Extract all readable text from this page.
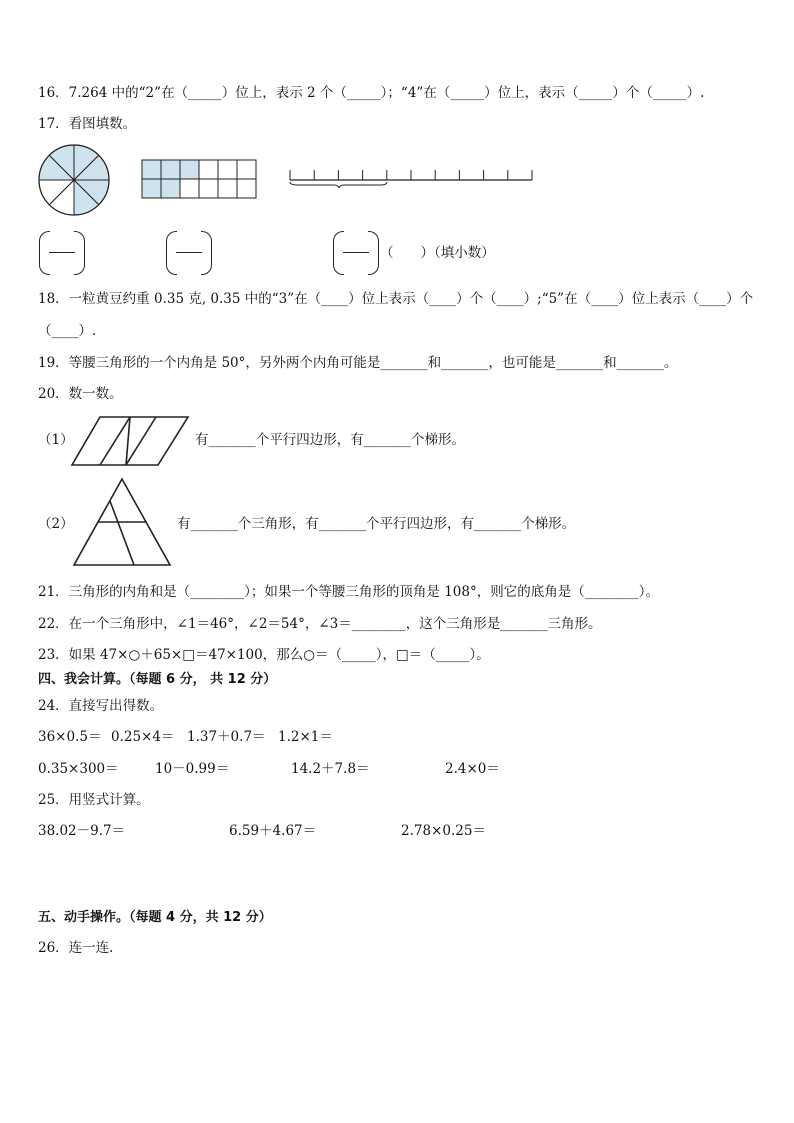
16．7.264 中的“2”在（_____）位上，表示 2 个（_____）；“4”在（_____）位上，表示（_____）个（_____）.
17．看图填数。
（　　）（填小数）
18．一粒黄豆约重 0.35 克, 0.35 中的“3”在（____）位上表示（____）个（____）;“5”在（____）位上表示（____）个
（____）.
19．等腰三角形的一个内角是 50°，另外两个内角可能是_______和_______，也可能是_______和_______。
20．数一数。
（1）	有_______个平行四边形，有_______个梯形。
（2）	有_______个三角形，有_______个平行四边形，有_______个梯形。
21．三角形的内角和是（________）；如果一个等腰三角形的顶角是 108°，则它的底角是（________）。
22．在一个三角形中，∠1＝46°，∠2＝54°，∠3＝________，这个三角形是_______三角形。
23．如果 47×○＋65×□＝47×100，那么○＝（_____），□＝（_____）。
四、我会计算。（每题 6 分， 共 12 分）
24．直接写出得数。
36×0.5＝ 0.25×4＝ 1.37＋0.7＝ 1.2×1＝
0.35×300＝	10－0.99＝	14.2＋7.8＝	2.4×0＝
25．用竖式计算。
38.02－9.7＝	6.59＋4.67＝	2.78×0.25＝
五、动手操作。（每题 4 分，共 12 分）
26．连一连.
